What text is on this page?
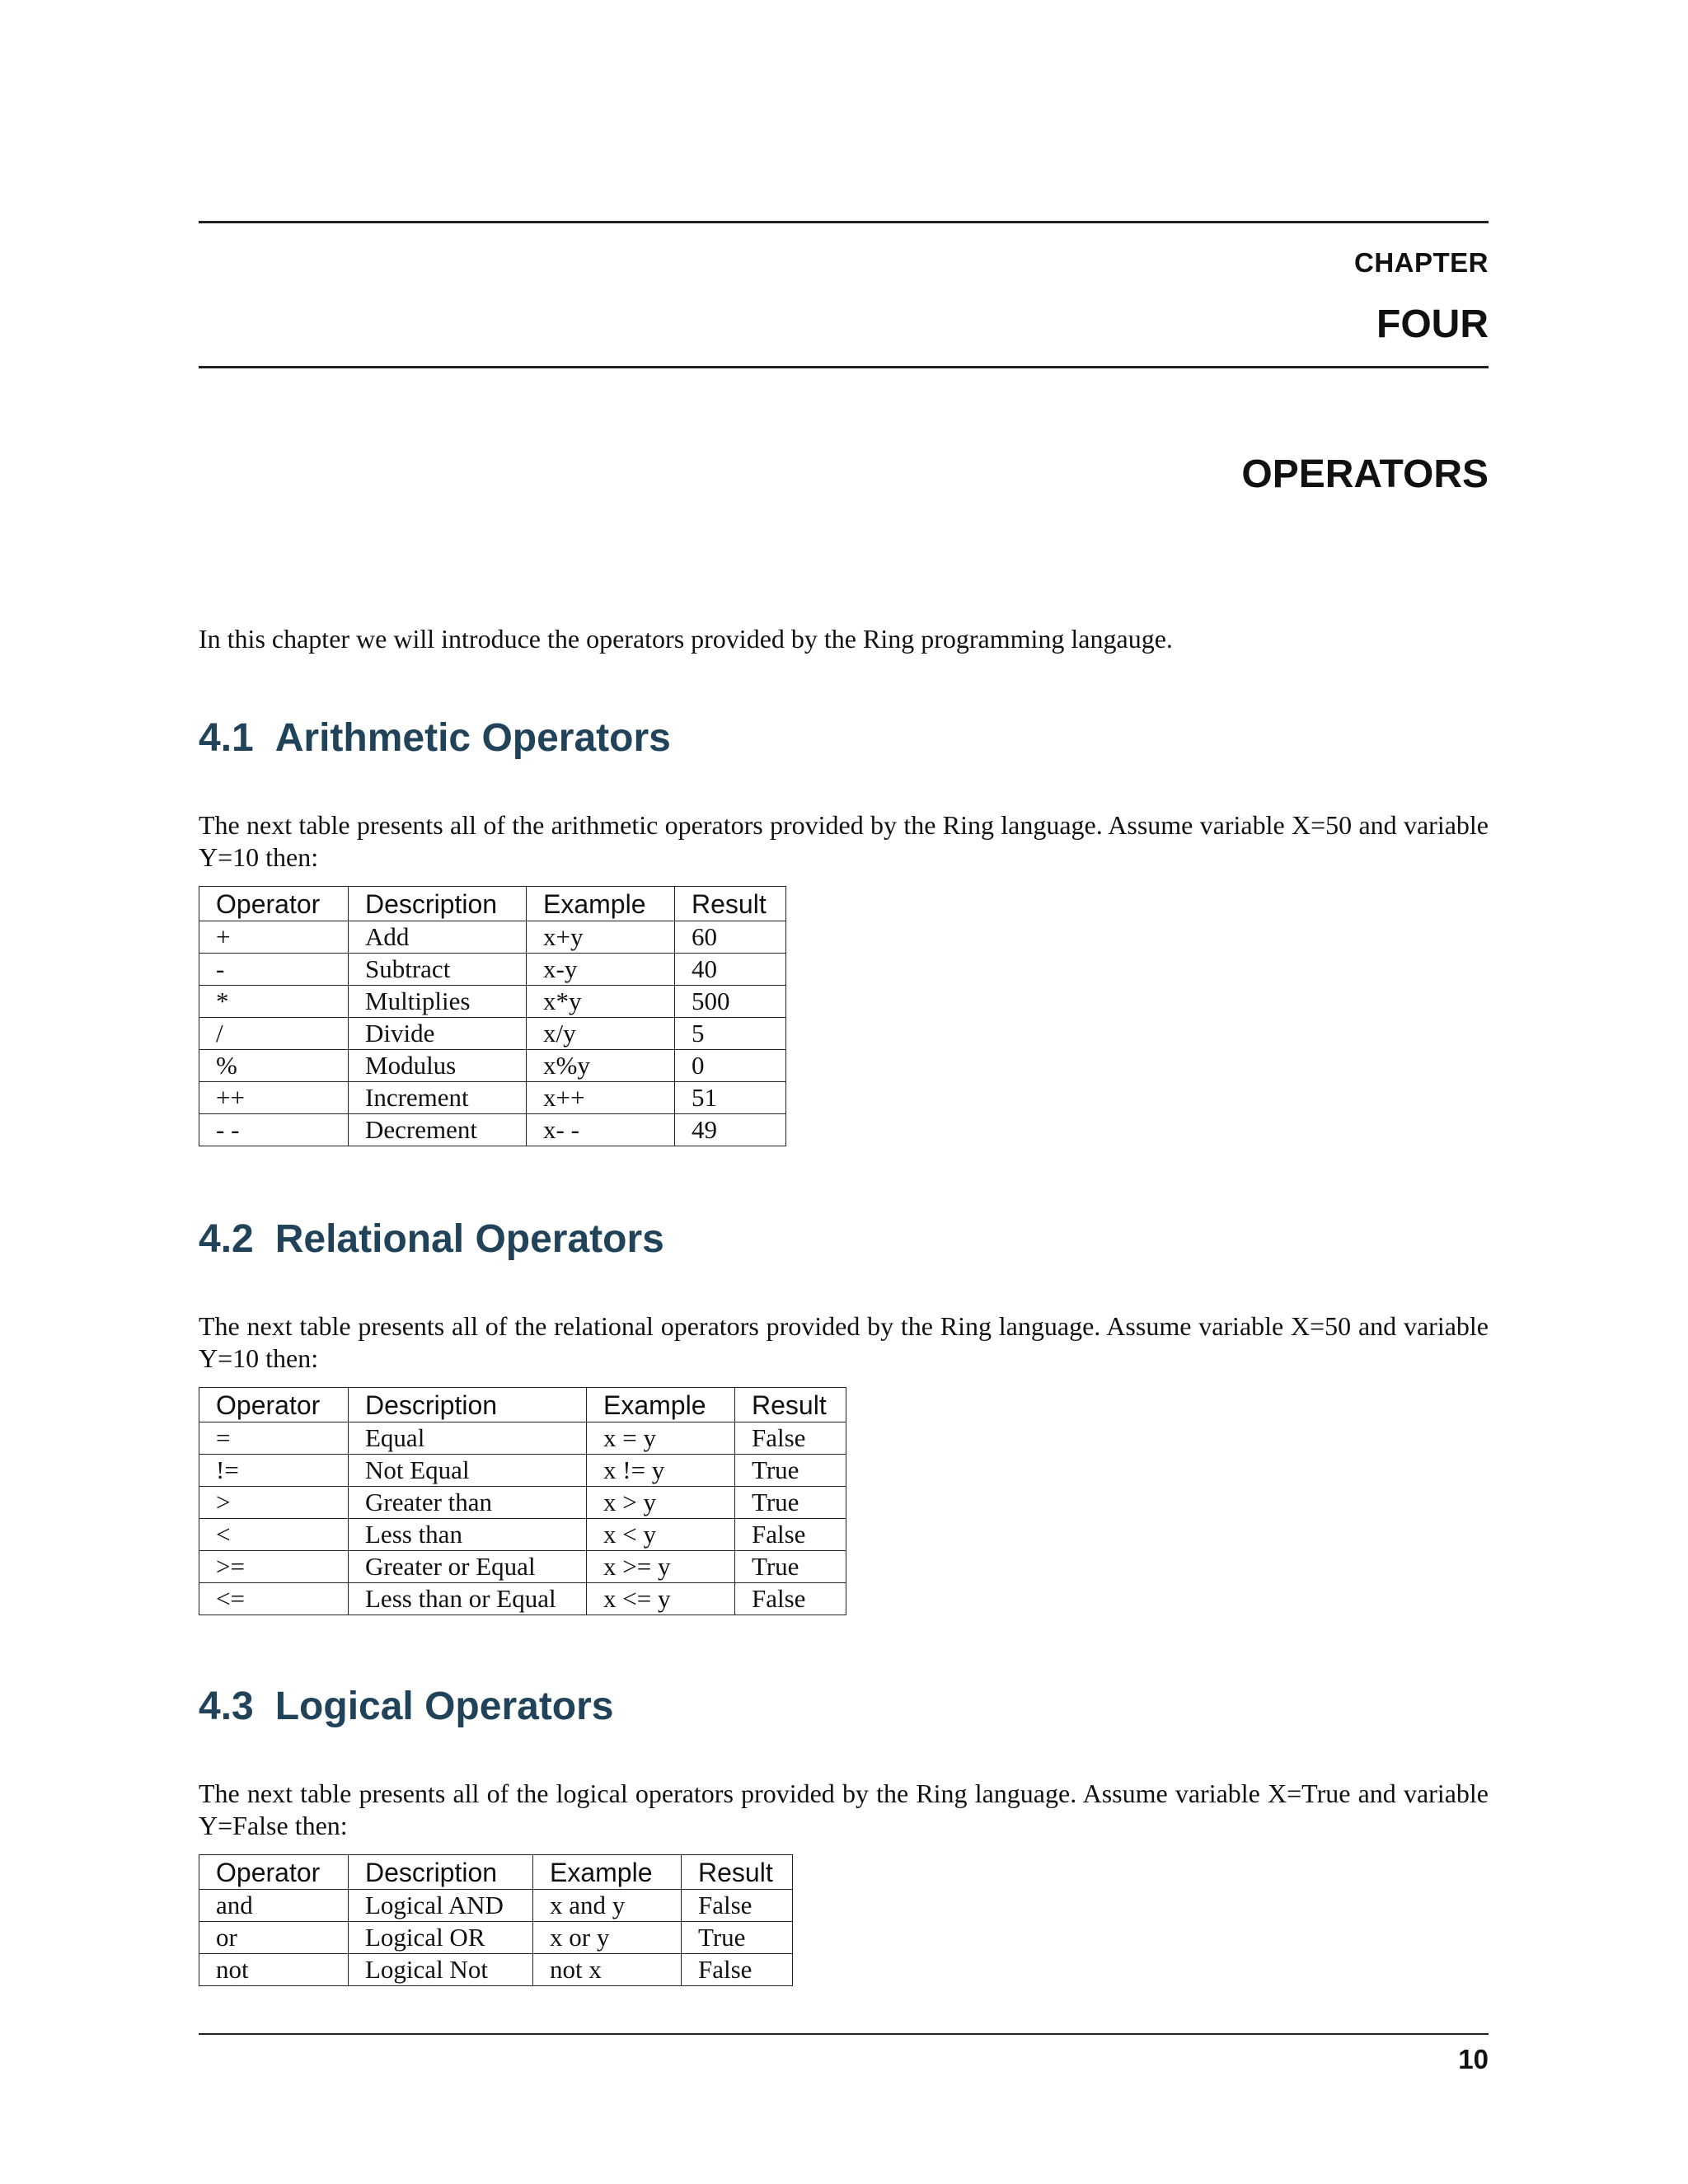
CHAPTER
FOUR
OPERATORS
In this chapter we will introduce the operators provided by the Ring programming langauge.
4.1 Arithmetic Operators
The next table presents all of the arithmetic operators provided by the Ring language. Assume variable X=50 and variable Y=10 then:
Operator	Description	Example	Result
+	Add	x+y	60
-	Subtract	x-y	40
*	Multiplies	x*y	500
/	Divide	x/y	5
%	Modulus	x%y	0
++	Increment	x++	51
- -	Decrement	x- -	49
4.2 Relational Operators
The next table presents all of the relational operators provided by the Ring language. Assume variable X=50 and variable Y=10 then:
Operator	Description	Example	Result
=	Equal	x = y	False
!=	Not Equal	x != y	True
>	Greater than	x > y	True
<	Less than	x < y	False
>=	Greater or Equal	x >= y	True
<=	Less than or Equal	x <= y	False
4.3 Logical Operators
The next table presents all of the logical operators provided by the Ring language. Assume variable X=True and variable Y=False then:
Operator	Description	Example	Result
and	Logical AND	x and y	False
or	Logical OR	x or y	True
not	Logical Not	not x	False
10
